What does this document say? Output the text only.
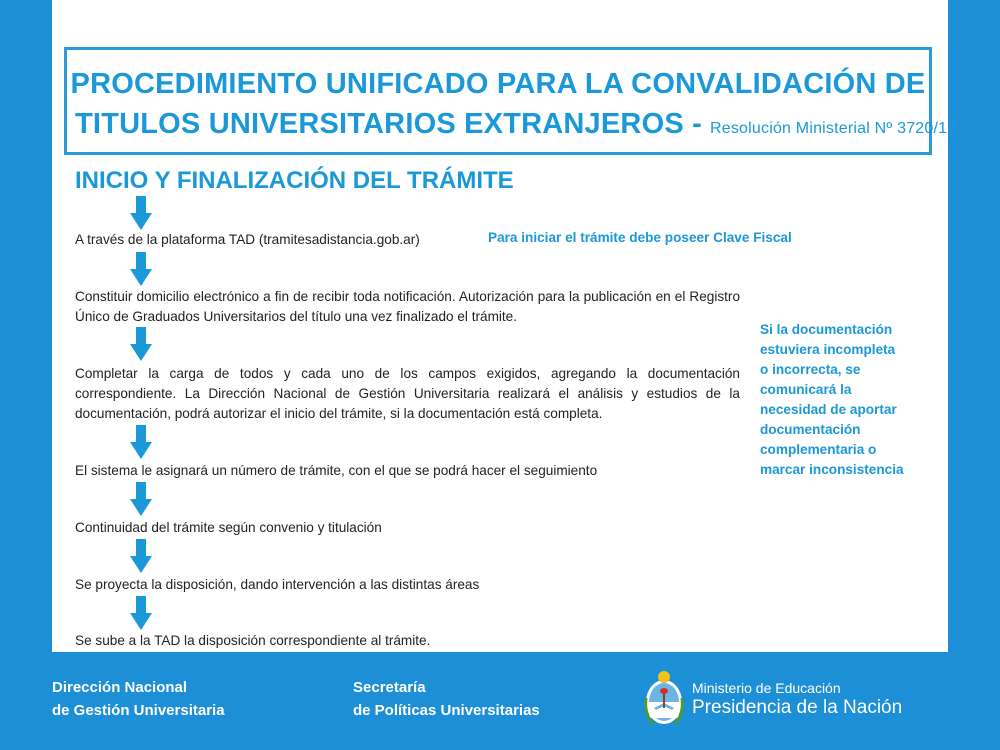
PROCEDIMIENTO UNIFICADO PARA LA CONVALIDACIÓN DE
TITULOS UNIVERSITARIOS EXTRANJEROS - Resolución Ministerial Nº 3720/17
INICIO Y FINALIZACIÓN DEL TRÁMITE
A través de la plataforma TAD (tramitesadistancia.gob.ar)
Constituir domicilio electrónico a fin de recibir toda notificación. Autorización para la publicación en el Registro Único de Graduados Universitarios del título una vez finalizado el trámite.
Completar la carga de todos y cada uno de los campos exigidos, agregando la documentación correspondiente. La Dirección Nacional de Gestión Universitaria realizará el análisis y estudios de la documentación, podrá autorizar el inicio del trámite, si la documentación está completa.
El sistema le asignará un número de trámite, con el que se podrá hacer el seguimiento
Continuidad del trámite según convenio y titulación
Se proyecta la disposición, dando intervención a las distintas áreas
Se sube a la TAD la disposición correspondiente al trámite.
Para iniciar el trámite debe poseer Clave Fiscal
Si la documentación
estuviera incompleta
o incorrecta, se
comunicará la
necesidad de aportar
documentación
complementaria o
marcar inconsistencia
Dirección Nacional
de Gestión Universitaria
Secretaría
de Políticas Universitarias
Ministerio de Educación
Presidencia de la Nación
